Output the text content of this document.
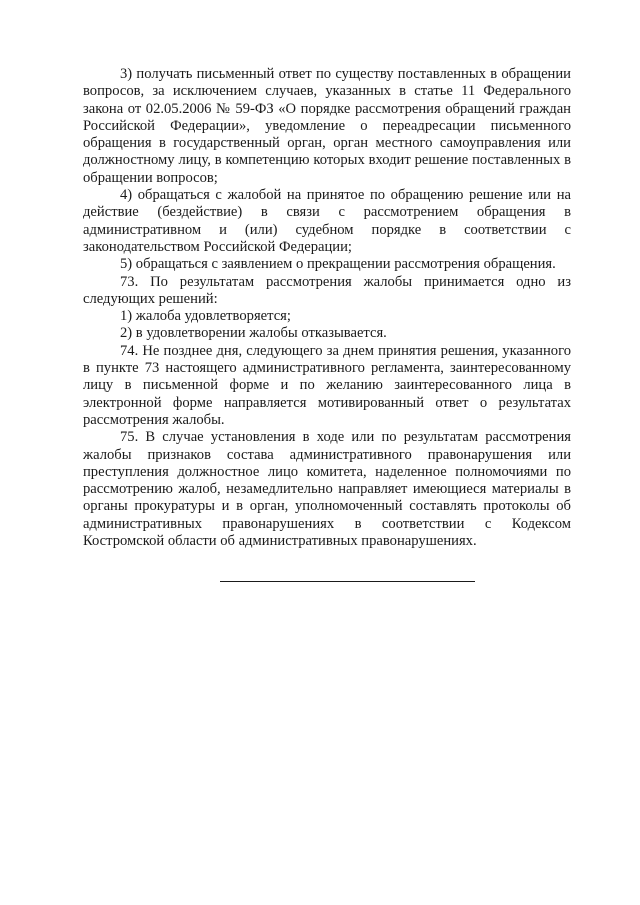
3) получать письменный ответ по существу поставленных в обращении вопросов, за исключением случаев, указанных в статье 11 Федерального закона от 02.05.2006 № 59-ФЗ «О порядке рассмотрения обращений граждан Российской Федерации», уведомление о переадресации письменного обращения в государственный орган, орган местного самоуправления или должностному лицу, в компетенцию которых входит решение поставленных в обращении вопросов;

4) обращаться с жалобой на принятое по обращению решение или на действие (бездействие) в связи с рассмотрением обращения в административном и (или) судебном порядке в соответствии с законодательством Российской Федерации;

5) обращаться с заявлением о прекращении рассмотрения обращения.

73. По результатам рассмотрения жалобы принимается одно из следующих решений:

1) жалоба удовлетворяется;

2) в удовлетворении жалобы отказывается.

74. Не позднее дня, следующего за днем принятия решения, указанного в пункте 73 настоящего административного регламента, заинтересованному лицу в письменной форме и по желанию заинтересованного лица в электронной форме направляется мотивированный ответ о результатах рассмотрения жалобы.

75. В случае установления в ходе или по результатам рассмотрения жалобы признаков состава административного правонарушения или преступления должностное лицо комитета, наделенное полномочиями по рассмотрению жалоб, незамедлительно направляет имеющиеся материалы в органы прокуратуры и в орган, уполномоченный составлять протоколы об административных правонарушениях в соответствии с Кодексом Костромской области об административных правонарушениях.
